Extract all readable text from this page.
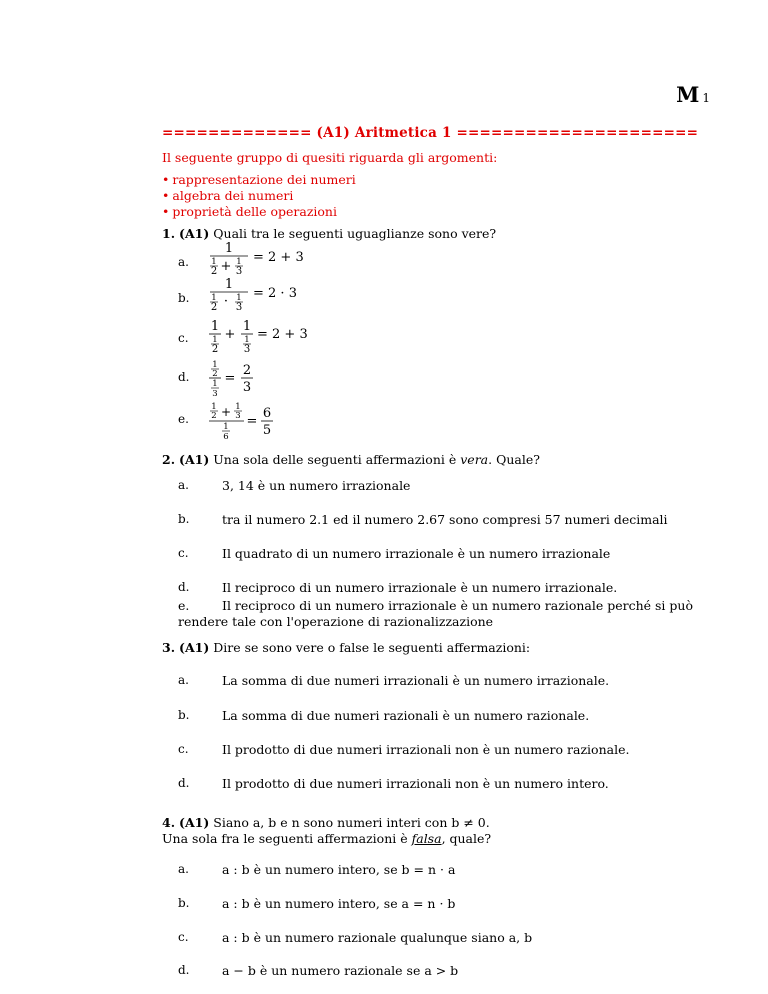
M 1
============= (A1) Aritmetica 1 =====================
Il seguente gruppo di quesiti riguarda gli argomenti:
• rappresentazione dei numeri
• algebra dei numeri
• proprietà delle operazioni
1. (A1) Quali tra le seguenti uguaglianze sono vere?
a.
1
1
2 + 1
3
= 2 + 3
b.
1
1
2 · 1
3
= 2 · 3
c.
1
1
2
+
1
1
3
= 2 + 3
d.
1
2
1
3
=
2
3
e.
1
2 + 1
3
1
6
=
6
5
2. (A1) Una sola delle seguenti affermazioni è vera. Quale?
a.	3, 14 è un numero irrazionale
b.	tra il numero 2.1 ed il numero 2.67 sono compresi 57 numeri decimali
c.	Il quadrato di un numero irrazionale è un numero irrazionale
d.	Il reciproco di un numero irrazionale è un numero irrazionale.
e.	Il reciproco di un numero irrazionale è un numero razionale perché si può rendere tale con l'operazione di razionalizzazione
3. (A1) Dire se sono vere o false le seguenti affermazioni:
a.	La somma di due numeri irrazionali è un numero irrazionale.
b.	La somma di due numeri razionali è un numero razionale.
c.	Il prodotto di due numeri irrazionali non è un numero razionale.
d.	Il prodotto di due numeri irrazionali non è un numero intero.
4. (A1) Siano a, b e n sono numeri interi con b ≠ 0.
Una sola fra le seguenti affermazioni è falsa, quale?
a.	a : b è un numero intero, se b = n · a
b.	a : b è un numero intero, se a = n · b
c.	a : b è un numero razionale qualunque siano a, b
d.	a − b è un numero razionale se a > b
